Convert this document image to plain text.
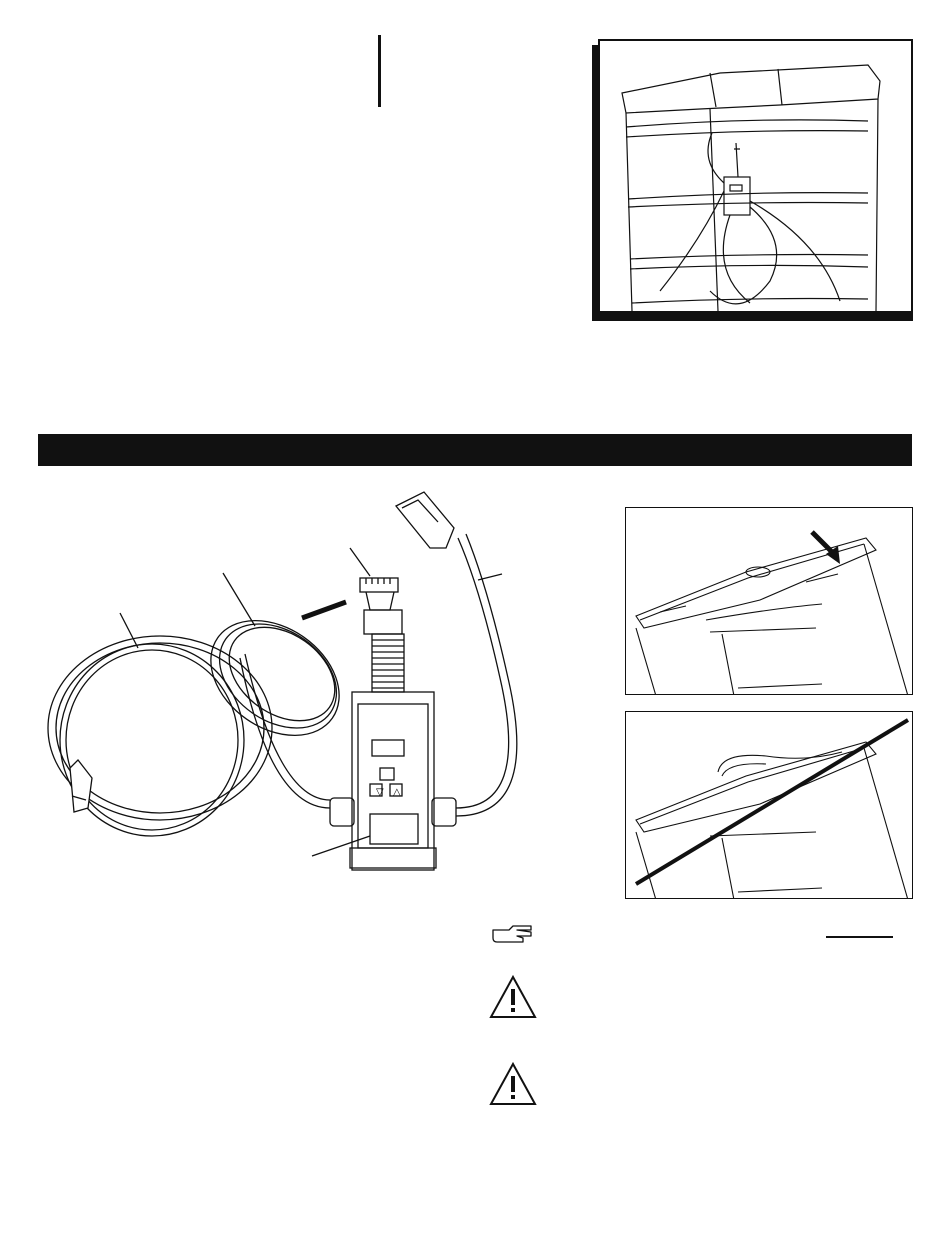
▽ △
